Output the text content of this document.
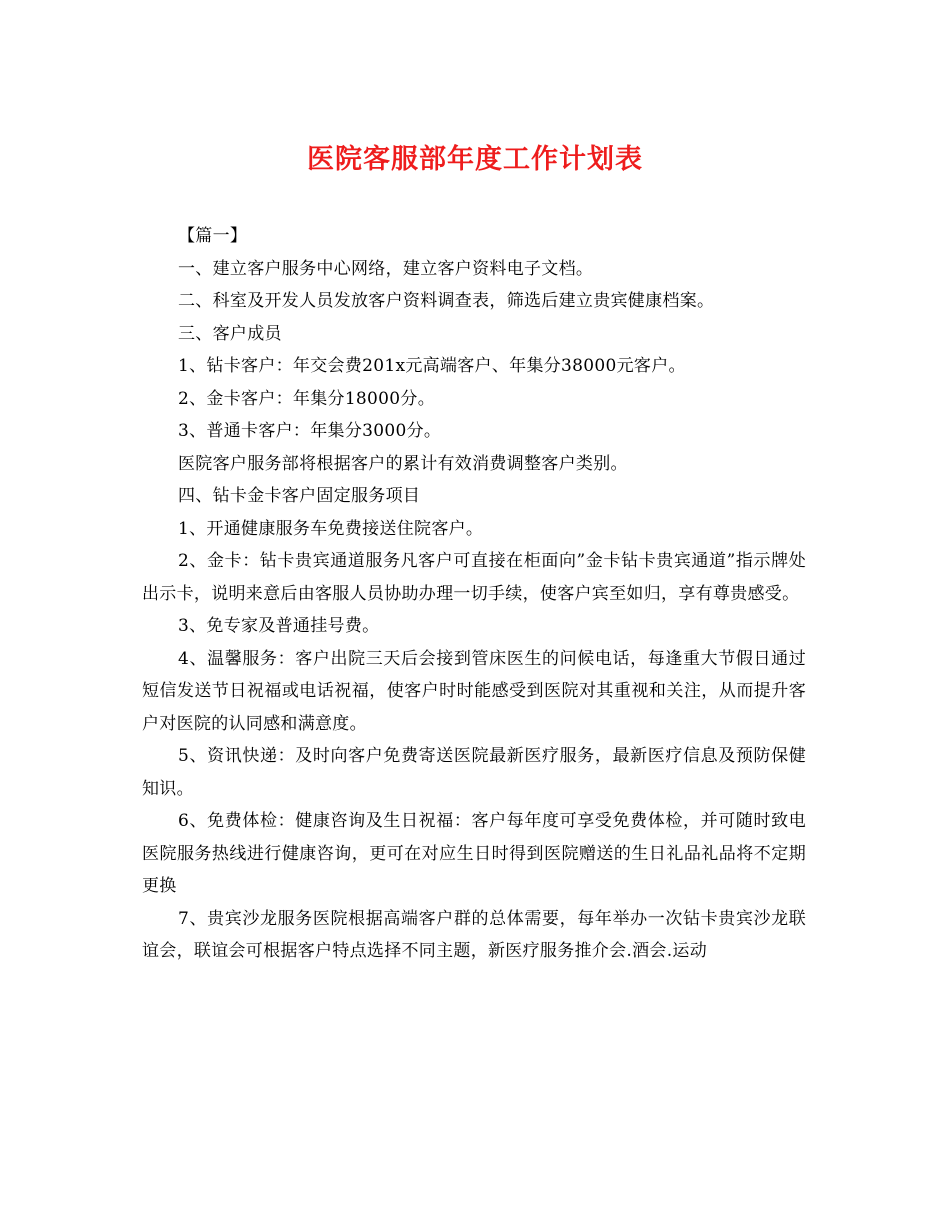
医院客服部年度工作计划表

【篇一】

一、建立客户服务中心网络，建立客户资料电子文档。

二、科室及开发人员发放客户资料调查表，筛选后建立贵宾健康档案。

三、客户成员

1、钻卡客户：年交会费201x元高端客户、年集分38000元客户。

2、金卡客户：年集分18000分。

3、普通卡客户：年集分3000分。

医院客户服务部将根据客户的累计有效消费调整客户类别。

四、钻卡金卡客户固定服务项目

1、开通健康服务车免费接送住院客户。

2、金卡：钻卡贵宾通道服务凡客户可直接在柜面向”金卡钻卡贵宾通道”指示牌处出示卡，说明来意后由客服人员协助办理一切手续，使客户宾至如归，享有尊贵感受。

3、免专家及普通挂号费。

4、温馨服务：客户出院三天后会接到管床医生的问候电话，每逢重大节假日通过短信发送节日祝福或电话祝福，使客户时时能感受到医院对其重视和关注，从而提升客户对医院的认同感和满意度。

5、资讯快递：及时向客户免费寄送医院最新医疗服务，最新医疗信息及预防保健知识。

6、免费体检：健康咨询及生日祝福：客户每年度可享受免费体检，并可随时致电医院服务热线进行健康咨询，更可在对应生日时得到医院赠送的生日礼品礼品将不定期更换

7、贵宾沙龙服务医院根据高端客户群的总体需要，每年举办一次钻卡贵宾沙龙联谊会，联谊会可根据客户特点选择不同主题，新医疗服务推介会.酒会.运动
